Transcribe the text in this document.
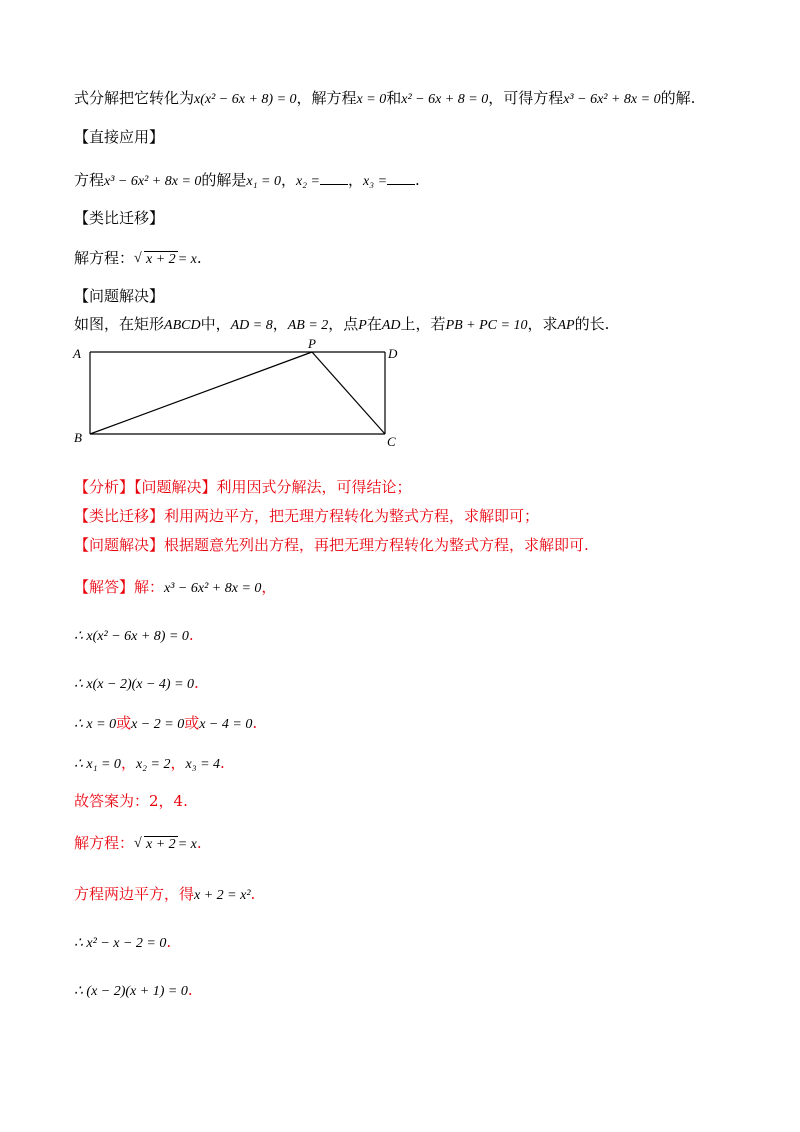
式分解把它转化为x(x² − 6x + 8) = 0，解方程x = 0和x² − 6x + 8 = 0，可得方程x³ − 6x² + 8x = 0的解.
【直接应用】
方程x³ − 6x² + 8x = 0的解是x₁ = 0，x₂ = ，x₃ = .
【类比迁移】
解方程： √ x + 2 = x.
【问题解决】
如图，在矩形ABCD中，AD = 8，AB = 2，点P在AD上，若PB + PC = 10，求AP的长.
A
P
D
B	C
【分析】【问题解决】利用因式分解法，可得结论；
【类比迁移】利用两边平方，把无理方程转化为整式方程，求解即可；
【问题解决】根据题意先列出方程，再把无理方程转化为整式方程，求解即可.
【解答】解：x³ − 6x² + 8x = 0，
∴ x(x² − 6x + 8) = 0.
∴ x(x − 2)(x − 4) = 0.
∴ x = 0或x − 2 = 0或x − 4 = 0.
∴ x₁ = 0，x₂ = 2，x₃ = 4.
故答案为：2，4.
解方程： √ x + 2 = x.
方程两边平方，得x + 2 = x².
∴ x² − x − 2 = 0.
∴ (x − 2)(x + 1) = 0.
